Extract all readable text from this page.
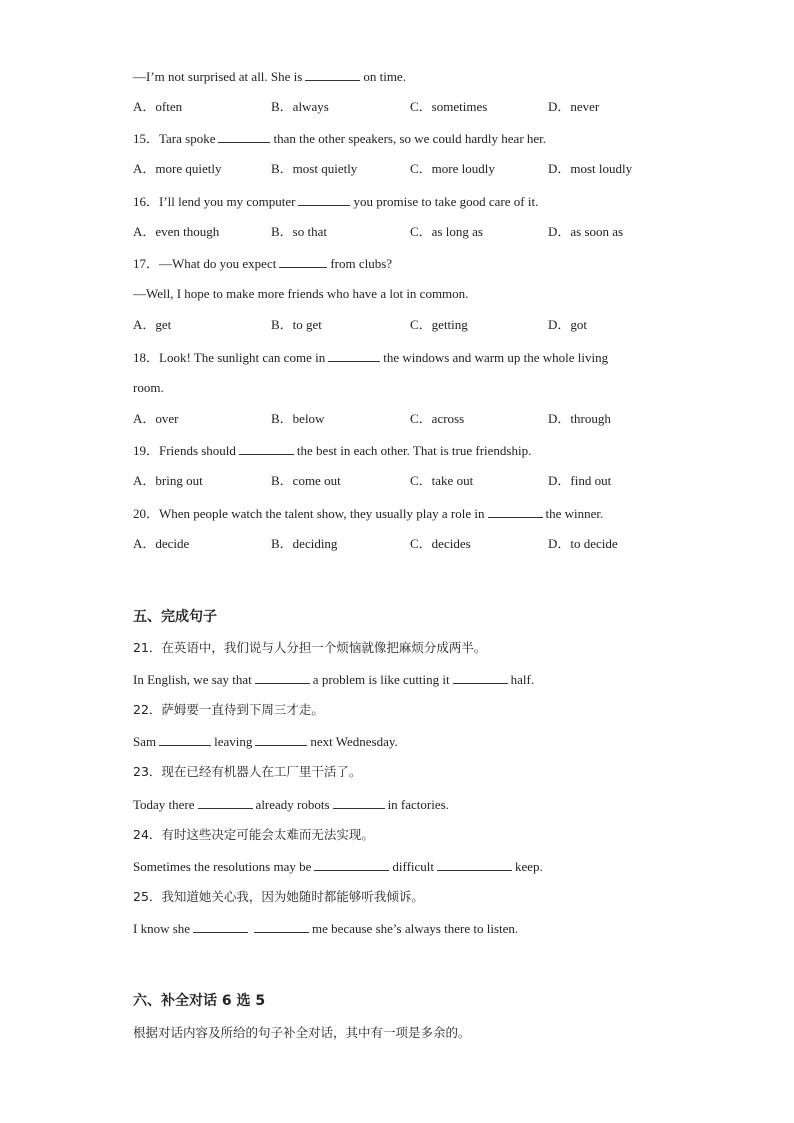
—I’m not surprised at all. She is	on time.
A．often	B．always	C．sometimes	D．never
15．Tara spoke	than the other speakers, so we could hardly hear her.
A．more quietly	B．most quietly	C．more loudly	D．most loudly
16．I’ll lend you my computer	you promise to take good care of it.
A．even though	B．so that	C．as long as	D．as soon as
17．—What do you expect	from clubs?
—Well, I hope to make more friends who have a lot in common.
A．get	B．to get	C．getting	D．got
18．Look! The sunlight can come in	the windows and warm up the whole living
room.
A．over	B．below	C．across	D．through
19．Friends should	the best in each other. That is true friendship.
A．bring out	B．come out	C．take out	D．find out
20．When people watch the talent show, they usually play a role in	the winner.
A．decide	B．deciding	C．decides	D．to decide
五、完成句子
21．在英语中，我们说与人分担一个烦恼就像把麻烦分成两半。
In English, we say that	a problem is like cutting it	half.
22．萨姆要一直待到下周三才走。
Sam	leaving	next Wednesday.
23．现在已经有机器人在工厂里干活了。
Today there	already robots	in factories.
24．有时这些决定可能会太难而无法实现。
Sometimes the resolutions may be	difficult	keep.
25．我知道她关心我，因为她随时都能够听我倾诉。
I know she	me because she’s always there to listen.
六、补全对话 6 选 5
根据对话内容及所给的句子补全对话，其中有一项是多余的。
